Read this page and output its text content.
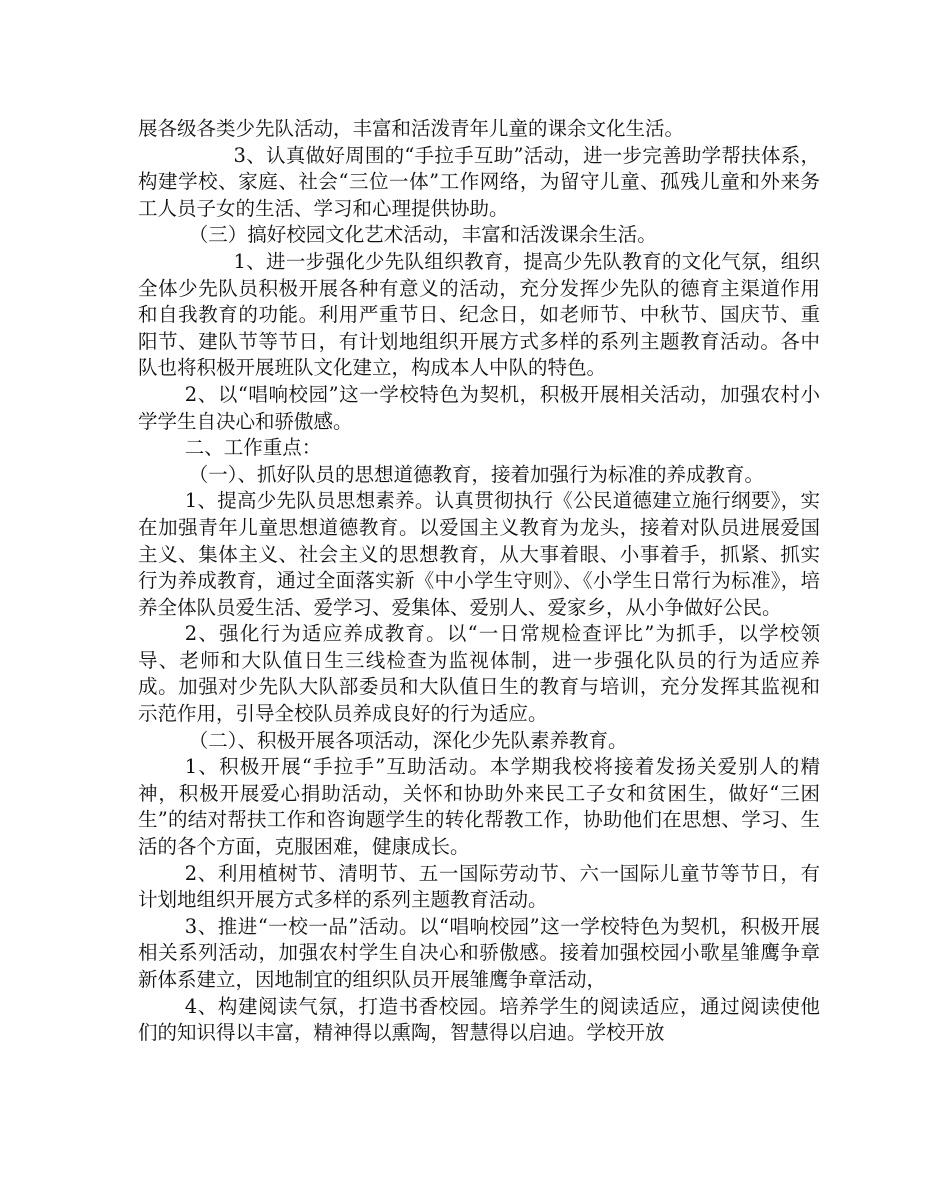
展各级各类少先队活动，丰富和活泼青年儿童的课余文化生活。

3、认真做好周围的“手拉手互助”活动，进一步完善助学帮扶体系，构建学校、家庭、社会“三位一体”工作网络，为留守儿童、孤残儿童和外来务工人员子女的生活、学习和心理提供协助。

（三）搞好校园文化艺术活动，丰富和活泼课余生活。

1、进一步强化少先队组织教育，提高少先队教育的文化气氛，组织全体少先队员积极开展各种有意义的活动，充分发挥少先队的德育主渠道作用和自我教育的功能。利用严重节日、纪念日，如老师节、中秋节、国庆节、重阳节、建队节等节日，有计划地组织开展方式多样的系列主题教育活动。各中队也将积极开展班队文化建立，构成本人中队的特色。

2、以“唱响校园”这一学校特色为契机，积极开展相关活动，加强农村小学学生自决心和骄傲感。

二、工作重点：

（一）、抓好队员的思想道德教育，接着加强行为标准的养成教育。

1、提高少先队员思想素养。认真贯彻执行《公民道德建立施行纲要》，实在加强青年儿童思想道德教育。以爱国主义教育为龙头，接着对队员进展爱国主义、集体主义、社会主义的思想教育，从大事着眼、小事着手，抓紧、抓实行为养成教育，通过全面落实新《中小学生守则》、《小学生日常行为标准》，培养全体队员爱生活、爱学习、爱集体、爱别人、爱家乡，从小争做好公民。

2、强化行为适应养成教育。以“一日常规检查评比”为抓手，以学校领导、老师和大队值日生三线检查为监视体制，进一步强化队员的行为适应养成。加强对少先队大队部委员和大队值日生的教育与培训，充分发挥其监视和示范作用，引导全校队员养成良好的行为适应。

（二）、积极开展各项活动，深化少先队素养教育。

1、积极开展“手拉手”互助活动。本学期我校将接着发扬关爱别人的精神，积极开展爱心捐助活动，关怀和协助外来民工子女和贫困生，做好“三困生”的结对帮扶工作和咨询题学生的转化帮教工作，协助他们在思想、学习、生活的各个方面，克服困难，健康成长。

2、利用植树节、清明节、五一国际劳动节、六一国际儿童节等节日，有计划地组织开展方式多样的系列主题教育活动。

3、推进“一校一品”活动。以“唱响校园”这一学校特色为契机，积极开展相关系列活动，加强农村学生自决心和骄傲感。接着加强校园小歌星雏鹰争章新体系建立，因地制宜的组织队员开展雏鹰争章活动，

4、构建阅读气氛，打造书香校园。培养学生的阅读适应，通过阅读使他们的知识得以丰富，精神得以熏陶，智慧得以启迪。学校开放
